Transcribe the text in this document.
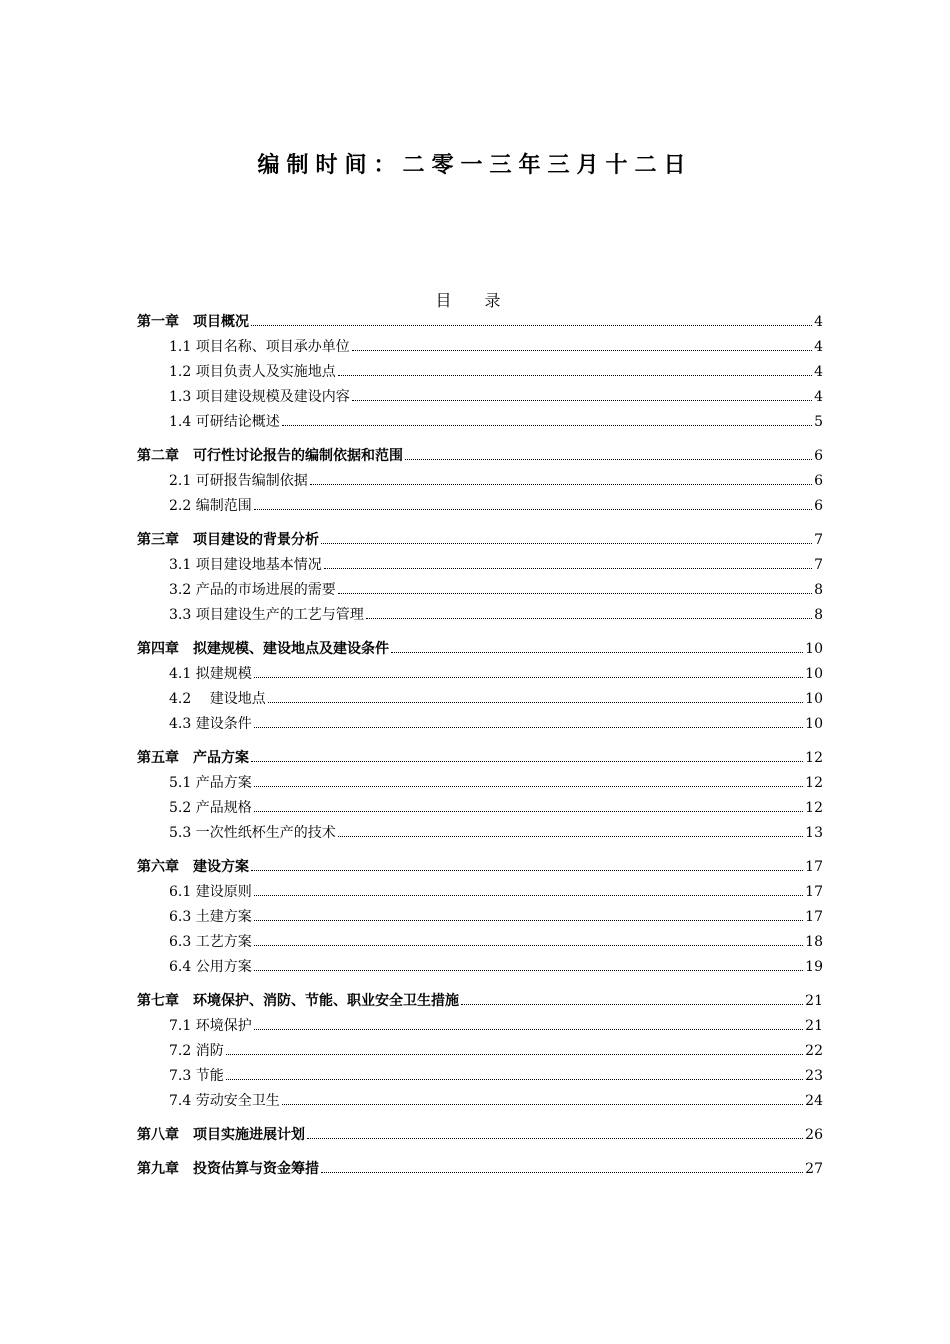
编制时间：二零一三年三月十二日
目 录
第一章　项目概况	4
1.1 项目名称、项目承办单位	4
1.2 项目负责人及实施地点	4
1.3 项目建设规模及建设内容	4
1.4 可研结论概述	5
第二章　可行性讨论报告的编制依据和范围	6
2.1 可研报告编制依据	6
2.2 编制范围	6
第三章　项目建设的背景分析	7
3.1 项目建设地基本情况	7
3.2 产品的市场进展的需要	8
3.3 项目建设生产的工艺与管理	8
第四章　拟建规模、建设地点及建设条件	10
4.1 拟建规模	10
4.2　 建设地点	10
4.3 建设条件	10
第五章　产品方案	12
5.1 产品方案	12
5.2 产品规格	12
5.3 一次性纸杯生产的技术	13
第六章　建设方案	17
6.1 建设原则	17
6.3 土建方案	17
6.3 工艺方案	18
6.4 公用方案	19
第七章　环境保护、消防、节能、职业安全卫生措施	21
7.1 环境保护	21
7.2 消防	22
7.3 节能	23
7.4 劳动安全卫生	24
第八章　项目实施进展计划	26
第九章　投资估算与资金筹措	27
